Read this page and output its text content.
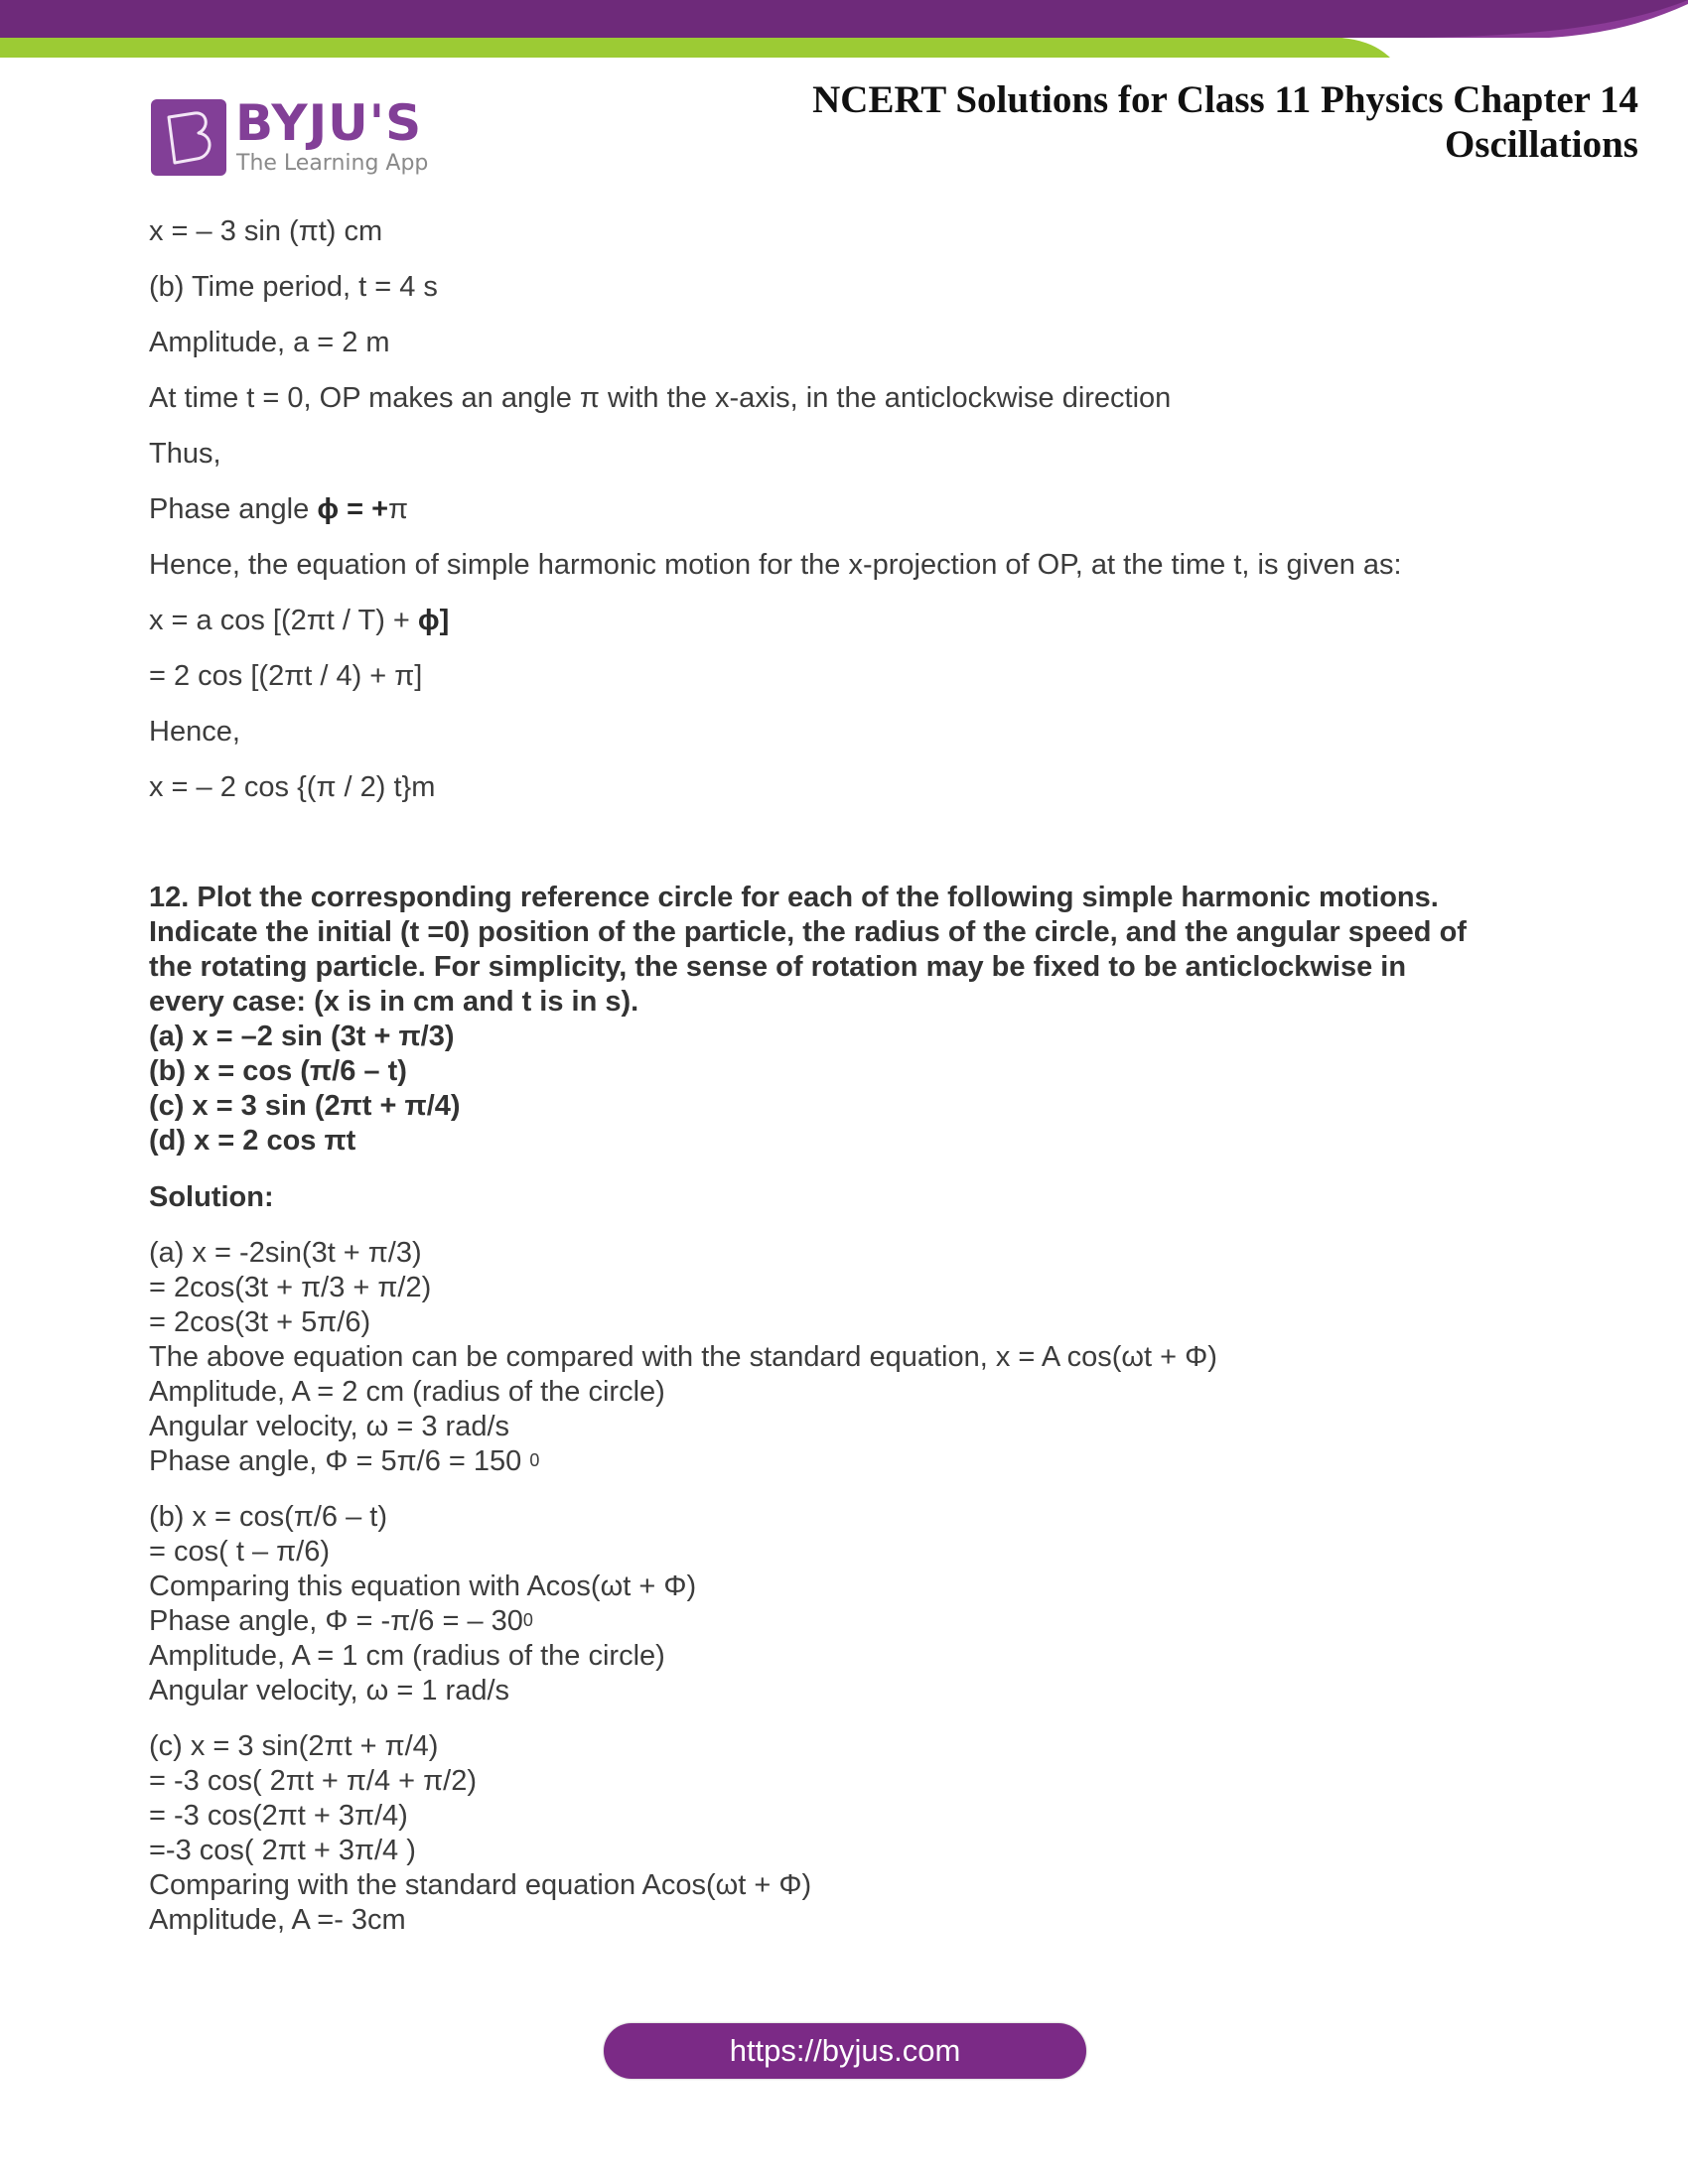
BYJU'S
The Learning App
NCERT Solutions for Class 11 Physics Chapter 14
Oscillations
x = – 3 sin (πt) cm
(b) Time period, t = 4 s
Amplitude, a = 2 m
At time t = 0, OP makes an angle π with the x-axis, in the anticlockwise direction
Thus,
Phase angle ϕ = +π
Hence, the equation of simple harmonic motion for the x-projection of OP, at the time t, is given as:
x = a cos [(2πt / T) + ϕ]
= 2 cos [(2πt / 4) + π]
Hence,
x = – 2 cos {(π / 2) t}m
12. Plot the corresponding reference circle for each of the following simple harmonic motions.
Indicate the initial (t =0) position of the particle, the radius of the circle, and the angular speed of
the rotating particle. For simplicity, the sense of rotation may be fixed to be anticlockwise in
every case: (x is in cm and t is in s).
(a) x = –2 sin (3t + π/3)
(b) x = cos (π/6 – t)
(c) x = 3 sin (2πt + π/4)
(d) x = 2 cos πt
Solution:
(a) x = -2sin(3t + π/3)
= 2cos(3t + π/3 + π/2)
= 2cos(3t + 5π/6)
The above equation can be compared with the standard equation, x = A cos(ωt + Φ)
Amplitude, A = 2 cm (radius of the circle)
Angular velocity, ω = 3 rad/s
Phase angle, Φ = 5π/6 = 150 $^0$
(b) x = cos(π/6 – t)
= cos( t – π/6)
Comparing this equation with Acos(ωt + Φ)
Phase angle, Φ = -π/6 = – $30^0$
Amplitude, A = 1 cm (radius of the circle)
Angular velocity, ω = 1 rad/s
(c) x = 3 sin(2πt + π/4)
= -3 cos( 2πt + π/4 + π/2)
= -3 cos(2πt + 3π/4)
=-3 cos( 2πt + 3π/4 )
Comparing with the standard equation Acos(ωt + Φ)
Amplitude, A =- 3cm
https://byjus.com
